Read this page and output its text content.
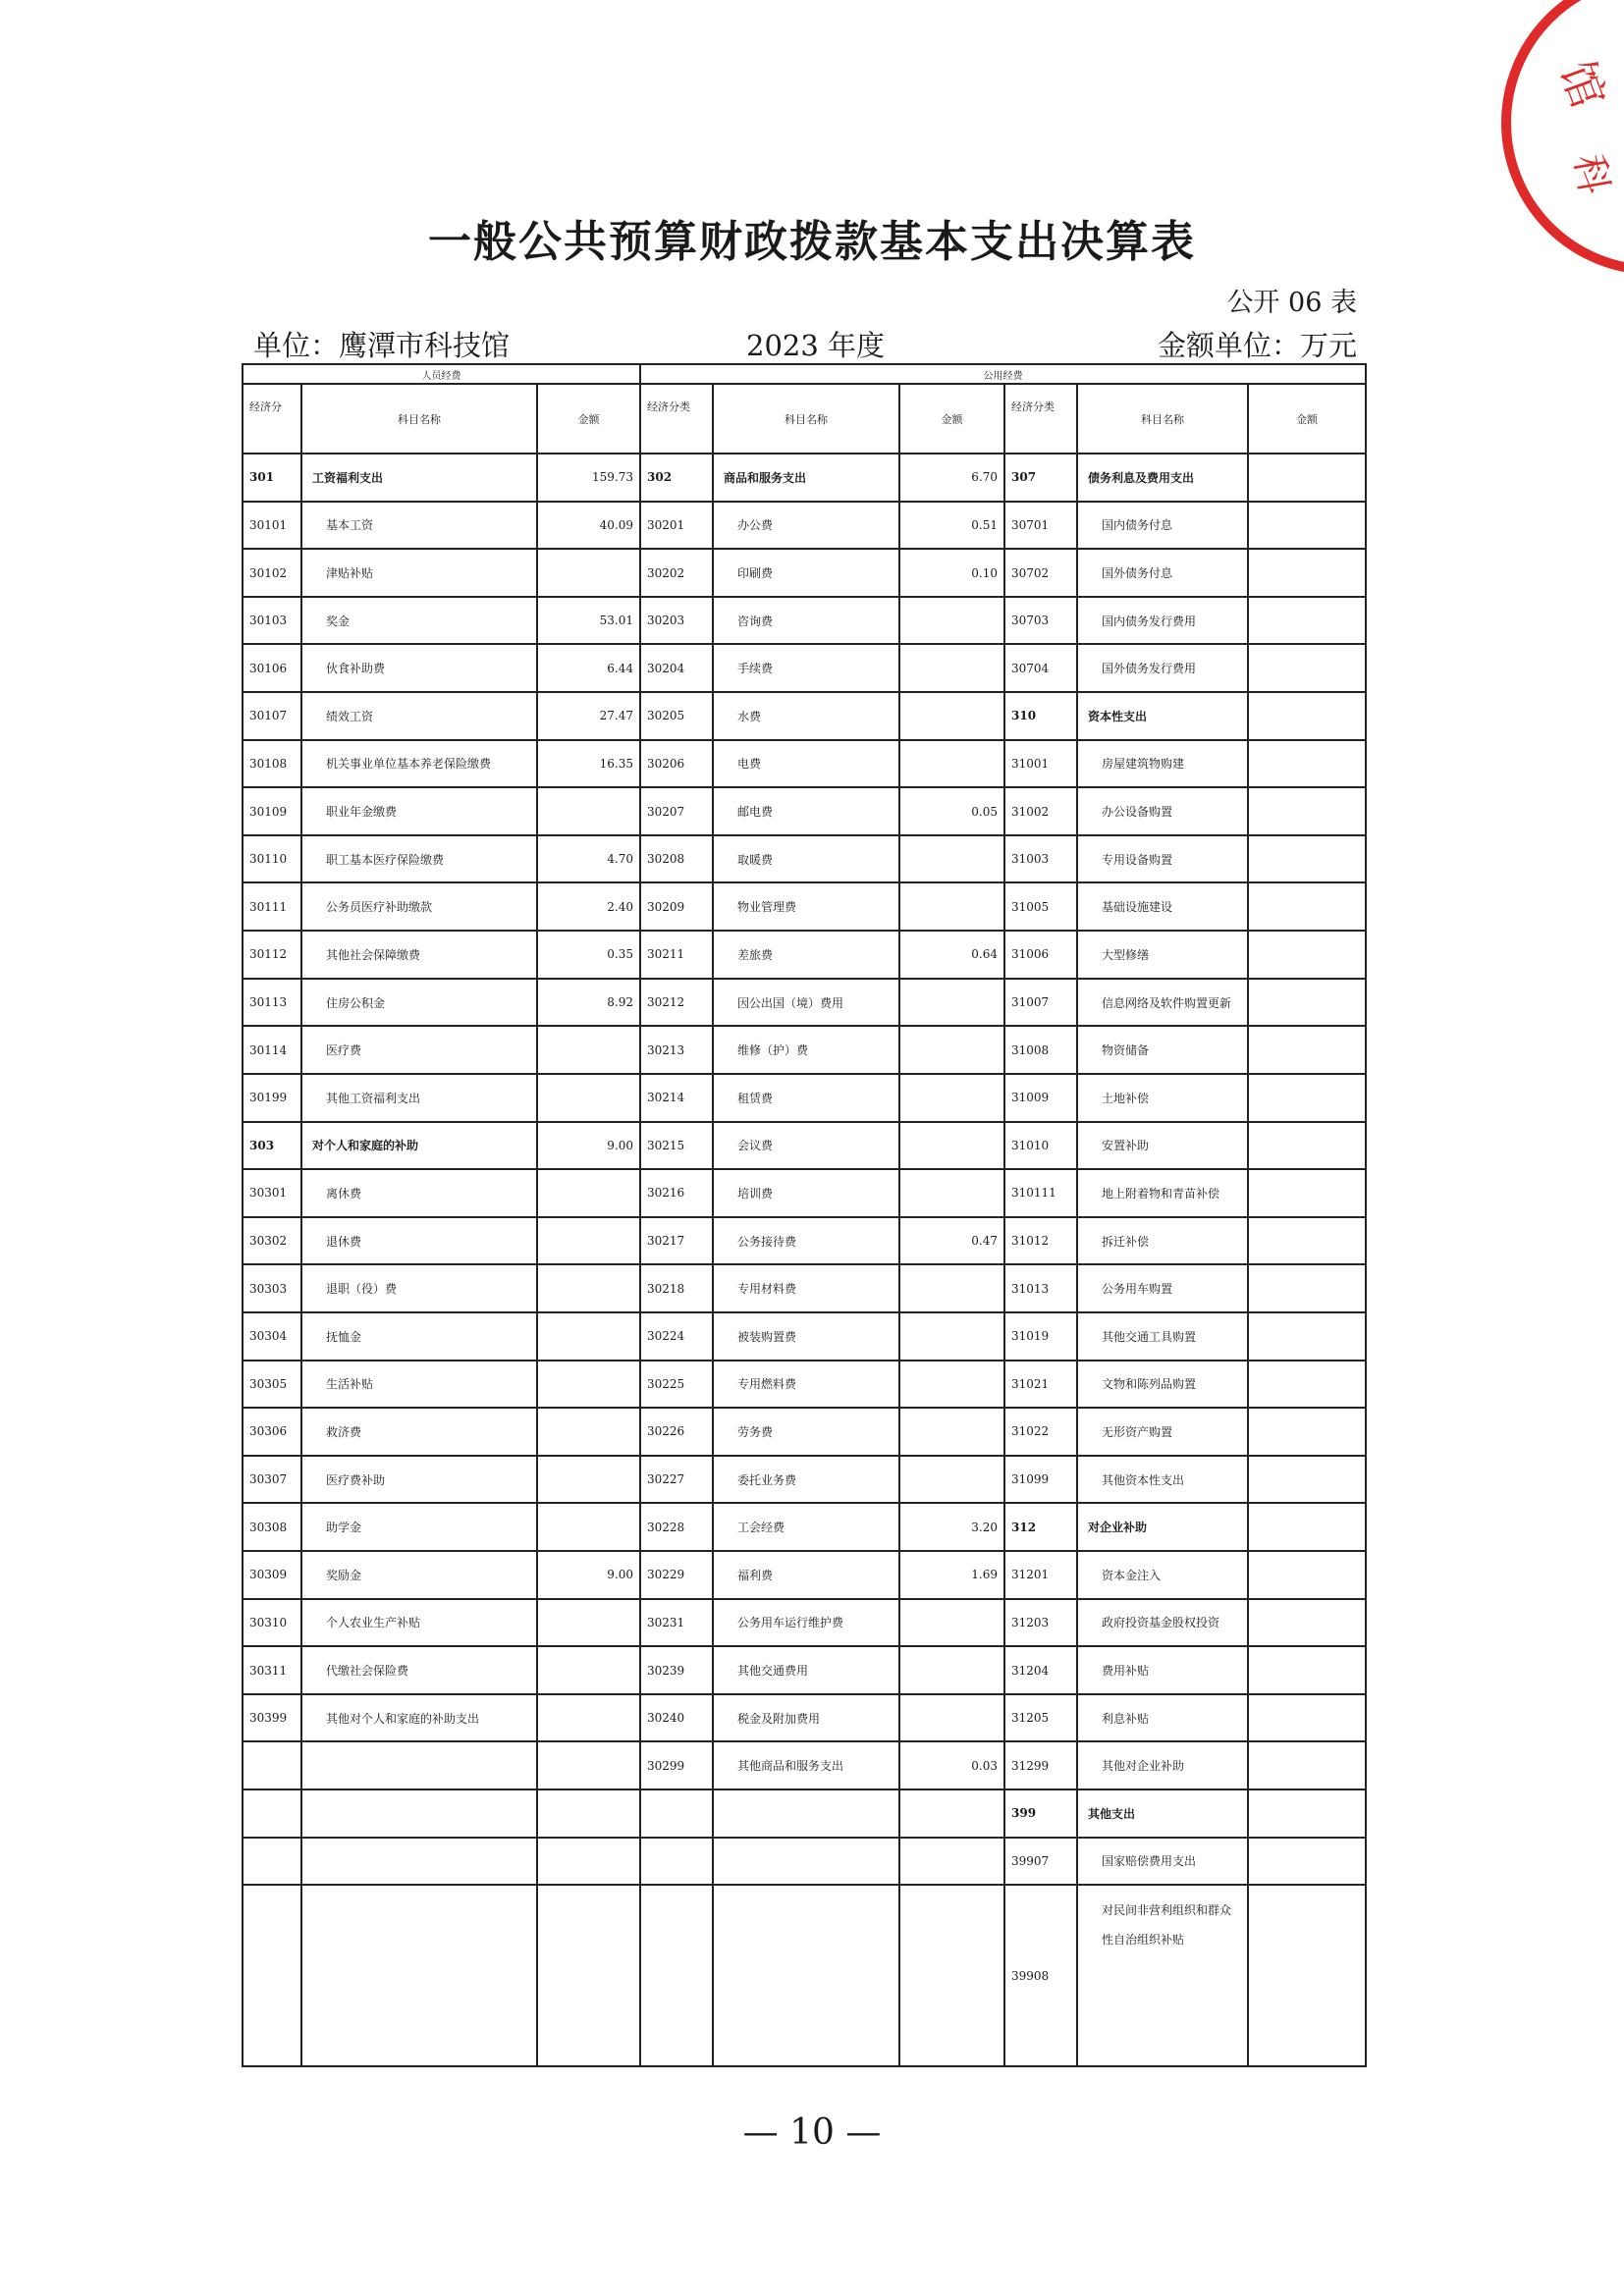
一般公共预算财政拨款基本支出决算表
公开 06 表
单位：鹰潭市科技馆	2023 年度	金额单位：万元
馆
科
人员经费			公用经费					
经济分	科目名称	金额	经济分类	科目名称	金额	经济分类	科目名称	金额
301	工资福利支出	159.73	302	商品和服务支出	6.70	307	债务利息及费用支出	
30101	基本工资	40.09	30201	办公费	0.51	30701	国内债务付息	
30102	津贴补贴		30202	印刷费	0.10	30702	国外债务付息	
30103	奖金	53.01	30203	咨询费		30703	国内债务发行费用	
30106	伙食补助费	6.44	30204	手续费		30704	国外债务发行费用	
30107	绩效工资	27.47	30205	水费		310	资本性支出	
30108	机关事业单位基本养老保险缴费	16.35	30206	电费		31001	房屋建筑物购建	
30109	职业年金缴费		30207	邮电费	0.05	31002	办公设备购置	
30110	职工基本医疗保险缴费	4.70	30208	取暖费		31003	专用设备购置	
30111	公务员医疗补助缴款	2.40	30209	物业管理费		31005	基础设施建设	
30112	其他社会保障缴费	0.35	30211	差旅费	0.64	31006	大型修缮	
30113	住房公积金	8.92	30212	因公出国（境）费用		31007	信息网络及软件购置更新	
30114	医疗费		30213	维修（护）费		31008	物资储备	
30199	其他工资福利支出		30214	租赁费		31009	土地补偿	
303	对个人和家庭的补助	9.00	30215	会议费		31010	安置补助	
30301	离休费		30216	培训费		310111	地上附着物和青苗补偿	
30302	退休费		30217	公务接待费	0.47	31012	拆迁补偿	
30303	退职（役）费		30218	专用材料费		31013	公务用车购置	
30304	抚恤金		30224	被装购置费		31019	其他交通工具购置	
30305	生活补贴		30225	专用燃料费		31021	文物和陈列品购置	
30306	救济费		30226	劳务费		31022	无形资产购置	
30307	医疗费补助		30227	委托业务费		31099	其他资本性支出	
30308	助学金		30228	工会经费	3.20	312	对企业补助	
30309	奖励金	9.00	30229	福利费	1.69	31201	资本金注入	
30310	个人农业生产补贴		30231	公务用车运行维护费		31203	政府投资基金股权投资	
30311	代缴社会保险费		30239	其他交通费用		31204	费用补贴	
30399	其他对个人和家庭的补助支出		30240	税金及附加费用		31205	利息补贴	
			30299	其他商品和服务支出	0.03	31299	其他对企业补助	
						399	其他支出	
						39907	国家赔偿费用支出	
						39908	对民间非营利组织和群众性自治组织补贴	
— 10 —
